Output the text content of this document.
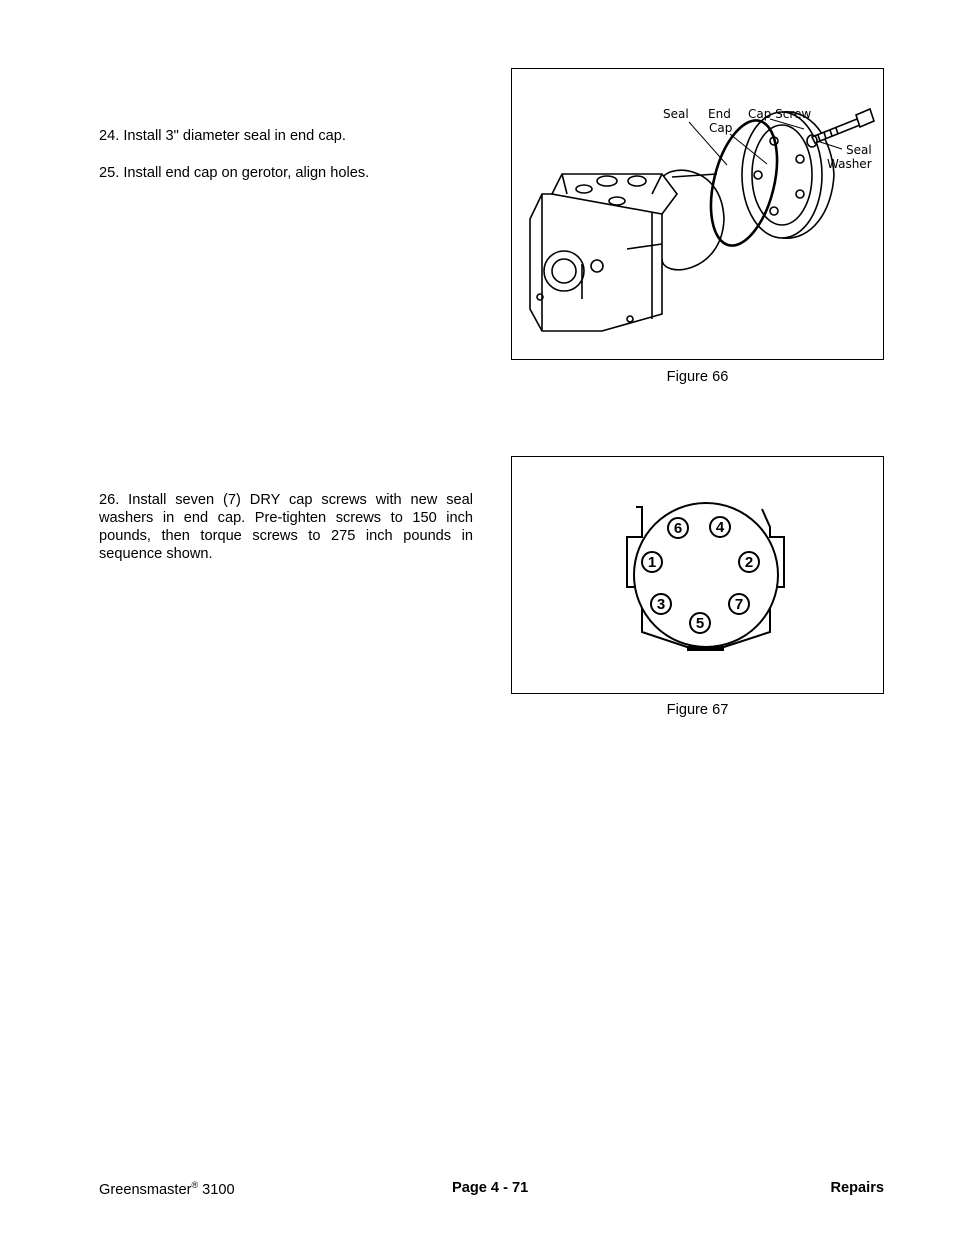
24. Install 3" diameter seal in end cap.
25. Install end cap on gerotor, align holes.
Seal End
Cap
Cap Screw
Seal
Washer
Figure 66
26. Install seven (7) DRY cap screws with new seal washers in end cap. Pre-tighten screws to 150 inch pounds, then torque screws to 275 inch pounds in sequence shown.
6 4
1	2
3	7
5
Figure 67
Greensmaster® 3100	Page 4 - 71	Repairs
